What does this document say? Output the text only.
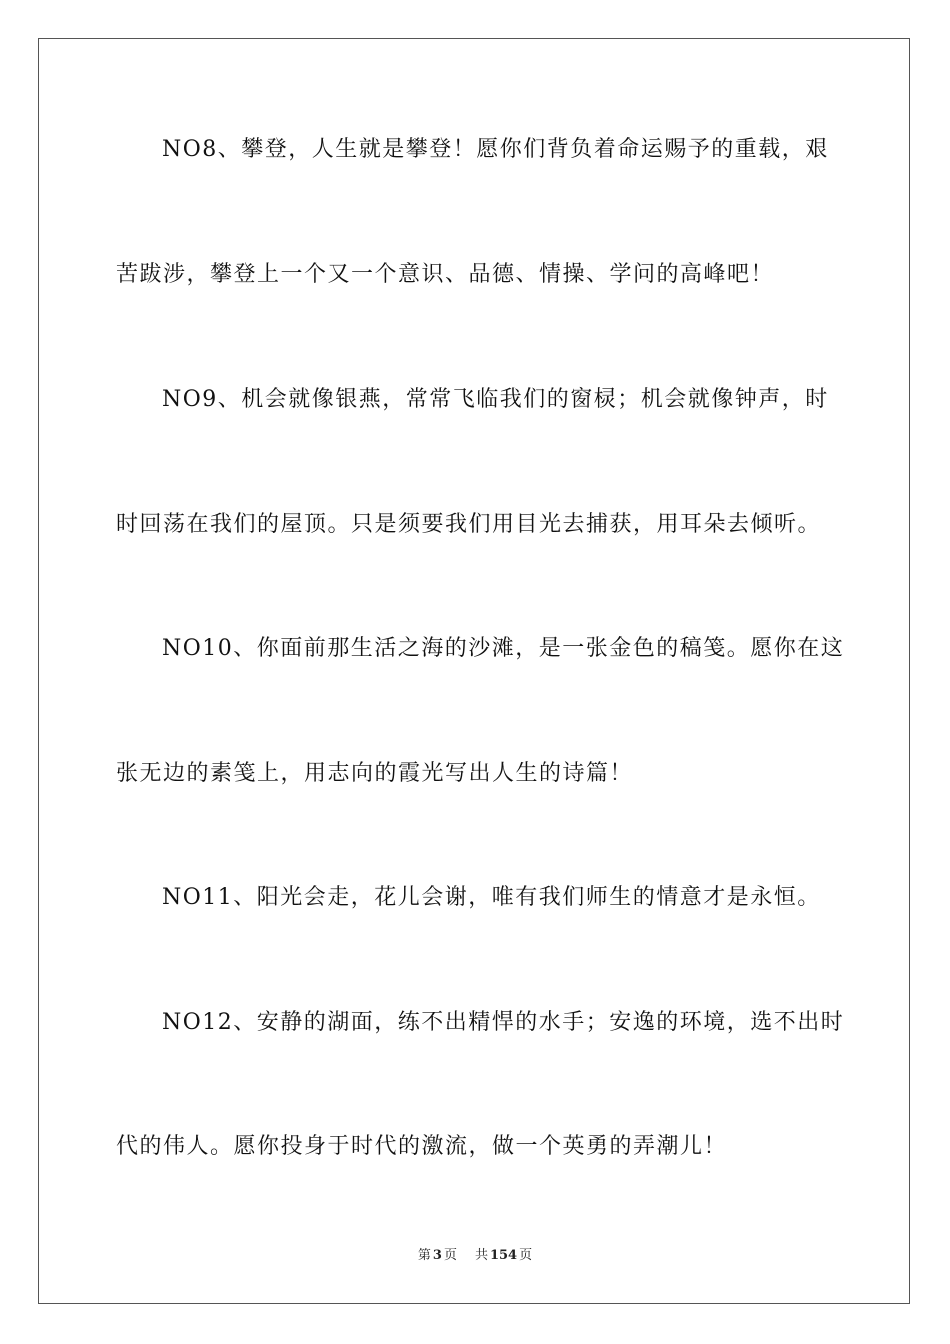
NO8、攀登，人生就是攀登！愿你们背负着命运赐予的重载，艰
苦跋涉，攀登上一个又一个意识、品德、情操、学问的高峰吧！
NO9、机会就像银燕，常常飞临我们的窗棂；机会就像钟声，时
时回荡在我们的屋顶。只是须要我们用目光去捕获，用耳朵去倾听。
NO10、你面前那生活之海的沙滩，是一张金色的稿笺。愿你在这
张无边的素笺上，用志向的霞光写出人生的诗篇！
NO11、阳光会走，花儿会谢，唯有我们师生的情意才是永恒。
NO12、安静的湖面，练不出精悍的水手；安逸的环境，选不出时
代的伟人。愿你投身于时代的激流，做一个英勇的弄潮儿！
第 3 页 共 154 页
